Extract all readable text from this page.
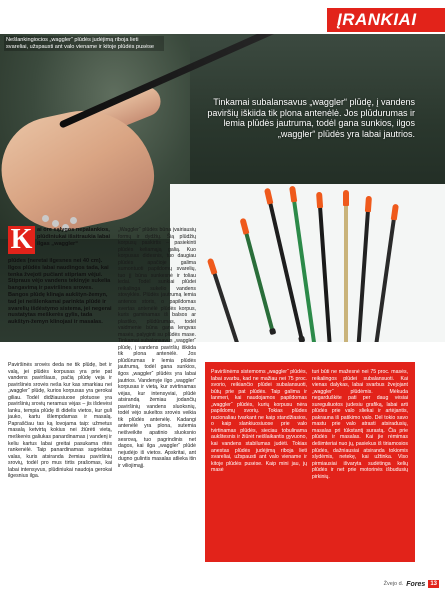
ĮRANKIAI
Nešlankingiocios „waggler“ plūdės judėjimą riboja lieti svareliai, užspausti ant valo viename ir kitoje plūdės pusėse
Tinkamai subalansavus „waggler“ plūdę, į vandens paviršių iškiida tik plona antenėlė. Jos plūdurumas ir lemia plūdės jautruma, todėl gana sunkios, ilgos „waggler“ plūdės yra labai jautrios.
K ai ore sąlygos nepalankios, plūdiniukai išsitraukia labai ilgas „waggler“
plūdes (neretai ilgesnes nei 40 cm). Ilgos plūdės labai naudingos tada, kai tenka žvejoti pučiant stipriam vėjui. Stipraus vėjo vandens tekinyje sukelia bangavimą ir paviršines sroves. Bangos plūdę klinąja aukštyn-žemyn, tad jei neišlenkamai parinkta plūdė ir svarelių išdėstymo sistema, jei negerai nustatytas meškerės gylis, tada aukštyn-žemyn klinojasi ir masalas.
Paviršinės srovės deda ne tik plūdę, bet ir valą, jei plūdės korpusas yra prie pat vandens paviršiaus, pačią plūdę veja ir paviršinės srovės neša kur kas smarkiau nei „waggler“ plūdę, kurios korpusas yra gerokai giliau. Todėl didžiausiuose plotuose yra paviršinių srovių neramus vėjas – jis išdevėsi lanku, tempia plūdę iš didelis vietos, kur guli jauko, kartu išlempdamas ir masalą. Papraščiau tas ką lovojama taip: užmetus masalą ketvirtą kokius nei žiūrėti vietą, meškerės galiukas panardinamas į vandenį ir keliu kartus labai greitai pasukama ritės rankenėlė. Taip panardinamas sugriebtas valas, kuris atsiranda žemiau paviršinių srovių, todėl pro mus tirtis prašomas, kai labai intensyvus, plūdiniukai naudoja gerokai ilgesnius ilga.
„Waggler“ plūdės būna įvairiausių formų ir dydžių. Šią plūdžių korpusų paskirtis – pasiekinti plūdės keliamąją galią. Kuo korpusas didesnis, tuo daugiau plūdės apačioje galima sumontuoti papildomų svarelių, tuo jį būna sunkesnė ir toliau ledai. Todėl sunkiai plūdei reikalinga sukelio vandens stovyklės. Plūdės jautrumą lemia antenos storis, o papildomas svertas antenėlė plūdės korpus, kuris gaminamas iš balsos ar plastiko, plūdūrumas, todėl vaidmenie būna gana lengvas masės, palyginti su plūdės mase. Tinkamai subalansavus „waggler“ plūdę, į vandens paviršių iškiida tik plona antenėlė. Jos plūdūrumas ir lemia plūdės jautrumą, todėl gana sunkios, ilgos „waggler“ plūdės yra labai jautrios. Vandenyje ilgo „waggler“ korpusas ir vietą, kur svirtinamas vėjas, kur intensyviai, plūdė atsirandą žemiau jodančių paviršinių vandens sluoksnių, todėl vėjo sukeltos srovės veikia tik plūdės antenėlę. Kadangi antenėlė yra plona, sutemia neišveikite apatinio sluoksnio sesrovą, tuo pagrindinis net dagos, kai ilga „waggler“ plūdė nejudėjo iš vietos. Apskritai, ant dugno gulintis masalas atlieka itin ir viliojimąjį.
Paviršinėms sistemoms „waggler“ plūdės, labai svarbu, kad ne mažiau nei 75 proc. svorio, reikiančio plūdei subalansuoti, būtų prie pat plūdės. Taip galima ir lanmeri, kai naudojamos papildomas „waggler“ plūdės, kurių korpusu nėra papildomų svorių. Tokias plūdes racionaliau tvarkant ne kaip standžiasios, o kaip slankiuosiuose prie valo tvirtinamas plūdės, sieciau tobulinama aukštesnis ir žiūrėt neišlaikantis gyvuono, kai vandens stabilumas judėti. Tokias anestas plūdės judėjimą riboja lieti svareliai, užspausti ant valo viename ir kitoje plūdės pusėse. Kaip mini jau, jų masė
turi būti ne mažesnė nei 75 proc. masės, reikalingos plūdei subalansuoti. Kai vienas dalykas, labai svarbus žvejojant „waggler“ plūdėmis. Mėkuda negarduškite pati per daug vėsiai sureguliuotos judesiu grafiką, labai arti plūdės prie valo sliekai ir artėjantis, pakrauna iš patikimo valo. Dėl tokio savo mastu prie valo atrasti atsiradusių, masalas pri tūkstantį surastą. Čia prie plūdės ir masalas. Kai jie rėmimas dešimteriai nuo jų, pasiekus iš tiriamosios plūdės, dažniausiai atsiranda tokiomis slydėmis, netekę, kai užtinka. Viso pirmiausiai išvaryta sudėtinga kelių plūdės ir net prie motorinės išbudusių pirkinių.
Žvejo d. Fores 13
